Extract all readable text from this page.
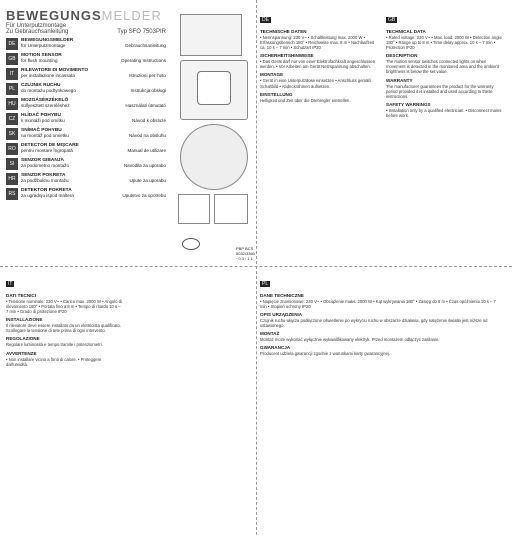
BEWEGUNGSMELDER
Für Unterputzmontage
Zu Gebrauchsanleitung	Typ SFO 7503PIR
DE
BEWEGUNGSMELDER
für Unterputzmontage	Gebrauchsanleitung
GB
MOTION SENSOR
for flush mounting	Operating Instructions
IT
RILEVATORE DI MOVIMENTO
per installazione incassata	Istruzioni per l'uso
PL
CZUJNIK RUCHU
do montażu podtynkowego	Instrukcja obsługi
HU
MOZGÁSÉRZÉKELŐ
süllyesztett szereléshez	Használati útmutató
CZ
HLÍDAČ POHYBU
k montáži pod omítku	Návod k obsluze
SK
SNÍMAČ POHYBU
na montáž pod omietku	Návod na obsluhu
RO
DETECTOR DE MIŞCARE
pentru montare îngropată	Manual de utilizare
SI
SENZOR GIBANJA
za podometno montažo	Navodila za uporabo
HR
SENZOR POKRETA
za podžbuknu montažu	Upute za uporabu
RS
DETEKTOR POKRETA
za ugradnju ispod maltera	Uputstvo za upotrebu
PBP BCS 5032/3360 · 0 3 / 1 1
DE
TECHNISCHE DATEN
• Nennspannung: 230 V~ • Schaltleistung max. 2000 W • Erfassungsbereich 180° • Reichweite max. 8 m • Nachlaufzeit ca. 10 s – 7 min • Schutzart IP20
SICHERHEITSHINWEISE
• Das Gerät darf nur von einer Elektrofachkraft angeschlossen werden. • Vor Arbeiten am Gerät Netzspannung abschalten.
MONTAGE
• Gerät in eine Unterputzdose einsetzen • Anschluss gemäß Schaltbild • Abdeckrahmen aufsetzen.
EINSTELLUNG
Helligkeit und Zeit über die Drehregler einstellen.
GB
TECHNICAL DATA
• Rated voltage: 230 V~ • Max. load: 2000 W • Detection angle 180° • Range up to 8 m • Time delay approx. 10 s – 7 min • Protection IP20
DESCRIPTION
The motion sensor switches connected lights on when movement is detected in the monitored area and the ambient brightness is below the set value.
WARRANTY
The manufacturer guarantees the product for the warranty period provided it is installed and used according to these instructions.
SAFETY WARNINGS
• Installation only by a qualified electrician. • Disconnect mains before work.
IT
DATI TECNICI
• Tensione nominale: 230 V~ • Carico max. 2000 W • Angolo di rilevamento 180° • Portata fino a 8 m • Tempo di ritardo 10 s – 7 min • Grado di protezione IP20
INSTALLAZIONE
Il rilevatore deve essere installato da un elettricista qualificato. Scollegare la tensione di rete prima di ogni intervento.
REGOLAZIONE
Regolare luminosità e tempo tramite i potenziometri.
AVVERTENZE
• Non installare vicino a fonti di calore. • Proteggere dall'umidità.
PL
DANE TECHNICZNE
• Napięcie znamionowe: 230 V~ • Obciążenie maks. 2000 W • Kąt wykrywania 180° • Zasięg do 8 m • Czas opóźnienia 10 s – 7 min • Stopień ochrony IP20
OPIS URZĄDZENIA
Czujnik ruchu włącza podłączone oświetlenie po wykryciu ruchu w obszarze działania, gdy natężenie światła jest niższe od ustawionego.
MONTAŻ
Montaż może wykonać wyłącznie wykwalifikowany elektryk. Przed montażem odłączyć zasilanie.
GWARANCJA
Producent udziela gwarancji zgodnie z warunkami karty gwarancyjnej.
